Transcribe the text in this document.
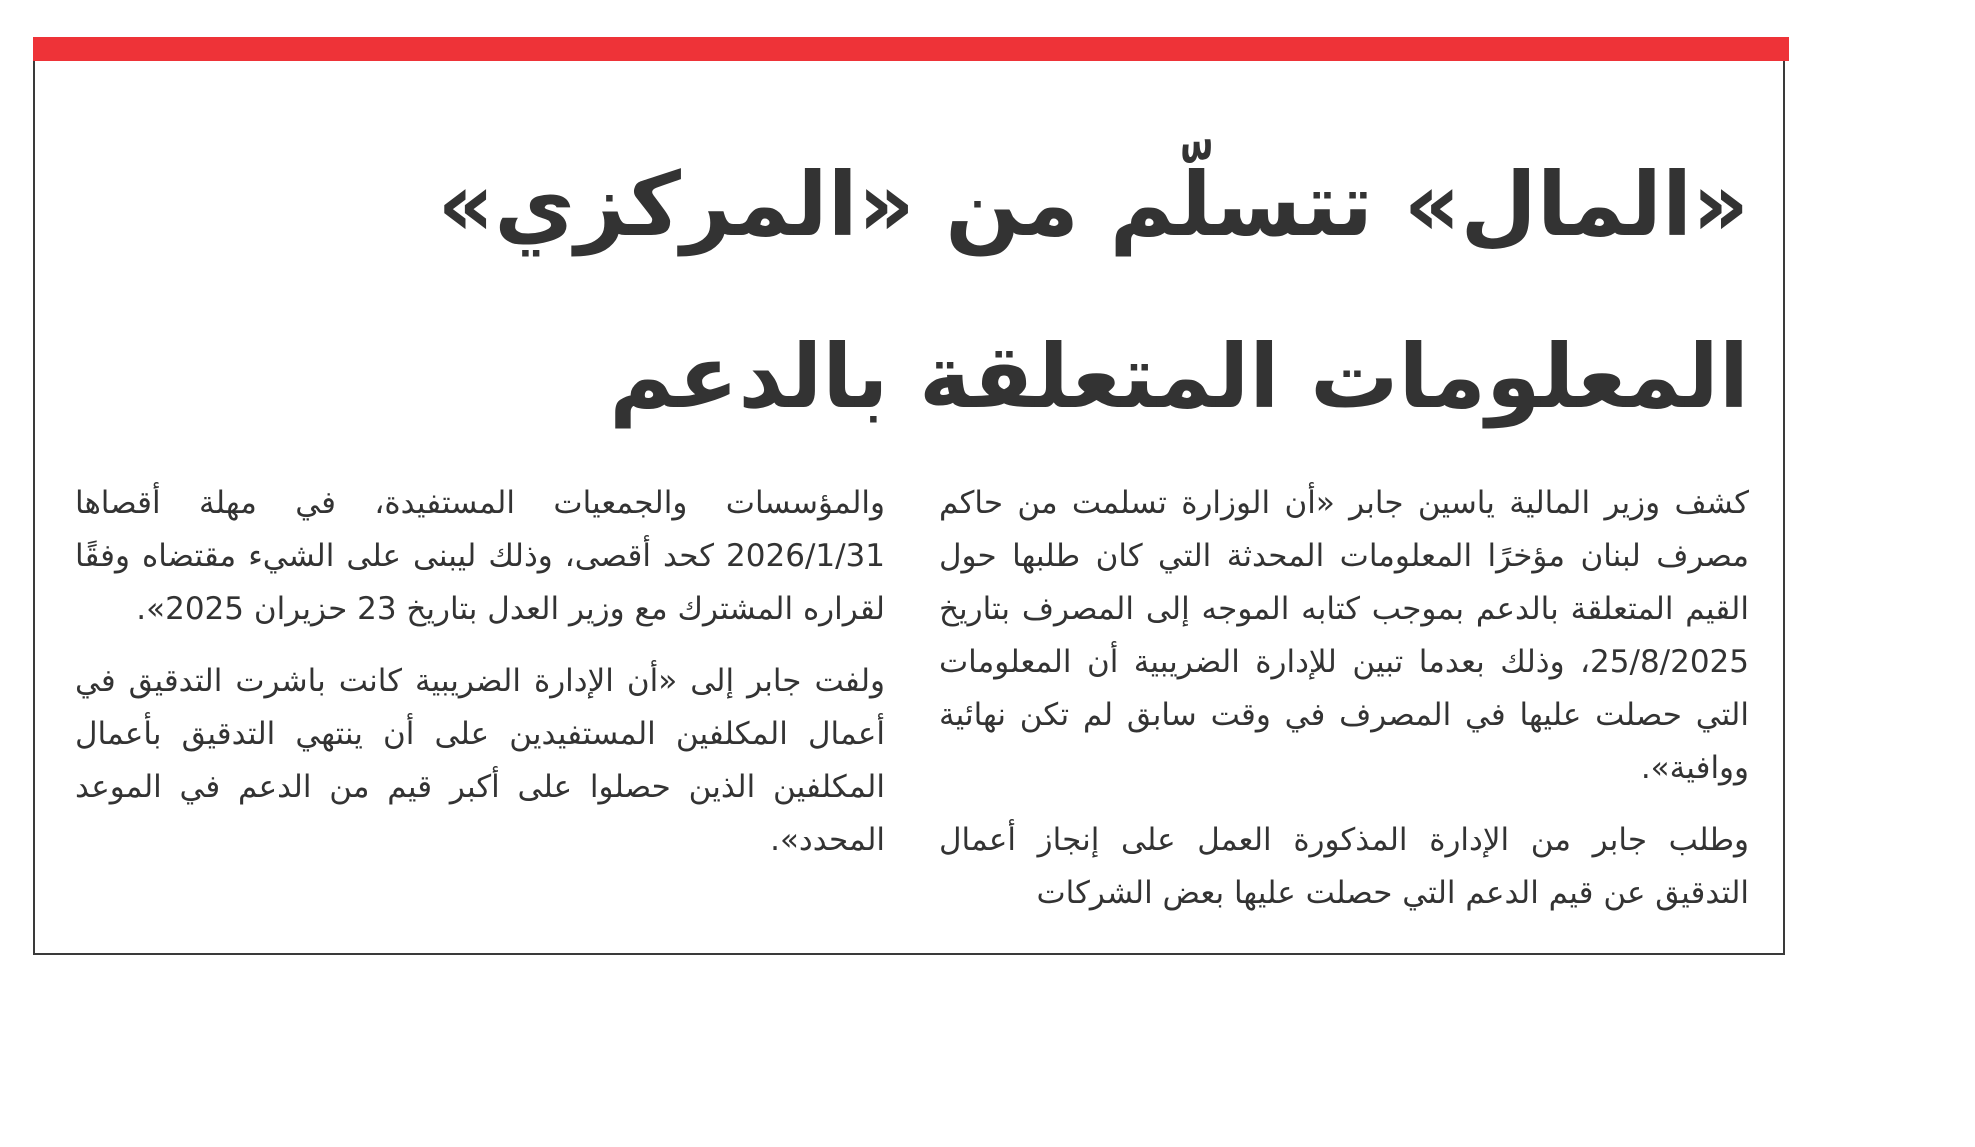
«المال» تتسلّم من «المركزي»
المعلومات المتعلقة بالدعم

كشف وزير المالية ياسين جابر «أن الوزارة تسلمت من حاكم مصرف لبنان مؤخرًا المعلومات المحدثة التي كان طلبها حول القيم المتعلقة بالدعم بموجب كتابه الموجه إلى المصرف بتاريخ 25/8/2025، وذلك بعدما تبين للإدارة الضريبية أن المعلومات التي حصلت عليها في المصرف في وقت سابق لم تكن نهائية ووافية».

وطلب جابر من الإدارة المذكورة العمل على إنجاز أعمال التدقيق عن قيم الدعم التي حصلت عليها بعض الشركات

والمؤسسات والجمعيات المستفيدة، في مهلة أقصاها 2026/1/31 كحد أقصى، وذلك ليبنى على الشيء مقتضاه وفقًا لقراره المشترك مع وزير العدل بتاريخ 23 حزيران 2025».

ولفت جابر إلى «أن الإدارة الضريبية كانت باشرت التدقيق في أعمال المكلفين المستفيدين على أن ينتهي التدقيق بأعمال المكلفين الذين حصلوا على أكبر قيم من الدعم في الموعد المحدد».
